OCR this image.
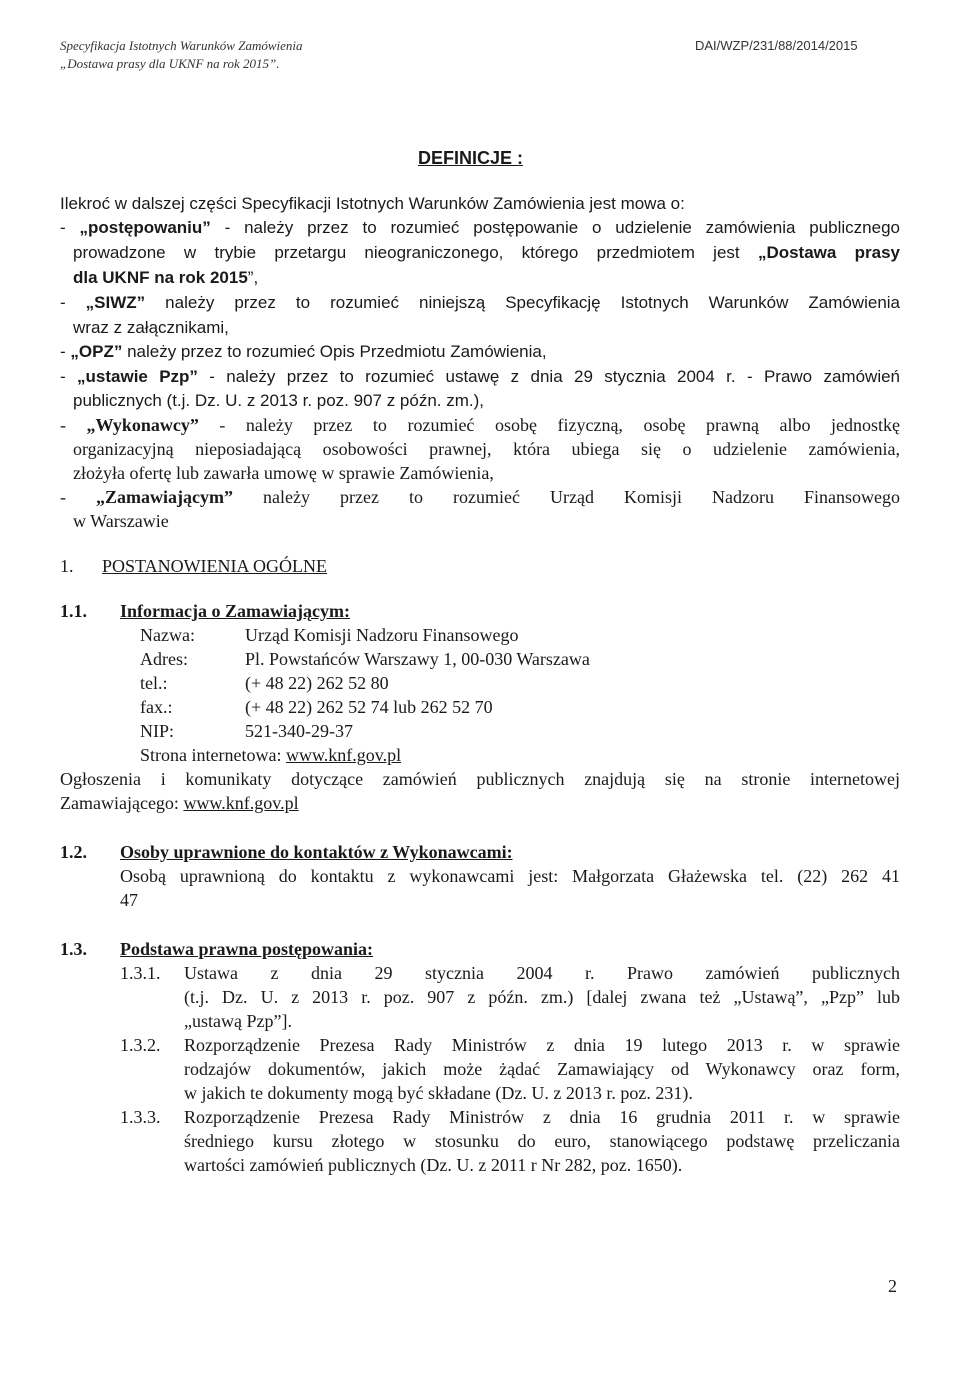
Specyfikacja Istotnych Warunków Zamówienia
„Dostawa prasy dla UKNF na rok 2015”.
DAI/WZP/231/88/2014/2015
DEFINICJE :
Ilekroć w dalszej części Specyfikacji Istotnych Warunków Zamówienia jest mowa o:
- „postępowaniu” - należy przez to rozumieć postępowanie o udzielenie zamówienia publicznego
prowadzone w trybie przetargu nieograniczonego, którego przedmiotem jest „Dostawa prasy
dla UKNF na rok 2015”,
- „SIWZ” należy przez to rozumieć niniejszą Specyfikację Istotnych Warunków Zamówienia
wraz z załącznikami,
- „OPZ” należy przez to rozumieć Opis Przedmiotu Zamówienia,
- „ustawie Pzp” - należy przez to rozumieć ustawę z dnia 29 stycznia 2004 r. - Prawo zamówień
publicznych (t.j. Dz. U. z 2013 r. poz. 907 z późn. zm.),
- „Wykonawcy” - należy przez to rozumieć osobę fizyczną, osobę prawną albo jednostkę
organizacyjną nieposiadającą osobowości prawnej, która ubiega się o udzielenie zamówienia,
złożyła ofertę lub zawarła umowę w sprawie Zamówienia,
- „Zamawiającym” należy przez to rozumieć Urząd Komisji Nadzoru Finansowego
w Warszawie
1. POSTANOWIENIA OGÓLNE
1.1. Informacja o Zamawiającym:
Nazwa:	Urząd Komisji Nadzoru Finansowego
Adres:	Pl. Powstańców Warszawy 1, 00-030 Warszawa
tel.:	(+ 48 22) 262 52 80
fax.:	(+ 48 22) 262 52 74 lub 262 52 70
NIP:	521-340-29-37
Strona internetowa: www.knf.gov.pl
Ogłoszenia i komunikaty dotyczące zamówień publicznych znajdują się na stronie internetowej
Zamawiającego: www.knf.gov.pl
1.2. Osoby uprawnione do kontaktów z Wykonawcami:
Osobą uprawnioną do kontaktu z wykonawcami jest: Małgorzata Głażewska tel. (22) 262 41
47
1.3. Podstawa prawna postępowania:
1.3.1. Ustawa z dnia 29 stycznia 2004 r. Prawo zamówień publicznych
(t.j. Dz. U. z 2013 r. poz. 907 z późn. zm.) [dalej zwana też „Ustawą”, „Pzp” lub
„ustawą Pzp”].
1.3.2. Rozporządzenie Prezesa Rady Ministrów z dnia 19 lutego 2013 r. w sprawie
rodzajów dokumentów, jakich może żądać Zamawiający od Wykonawcy oraz form,
w jakich te dokumenty mogą być składane (Dz. U. z 2013 r. poz. 231).
1.3.3. Rozporządzenie Prezesa Rady Ministrów z dnia 16 grudnia 2011 r. w sprawie
średniego kursu złotego w stosunku do euro, stanowiącego podstawę przeliczania
wartości zamówień publicznych (Dz. U. z 2011 r Nr 282, poz. 1650).
2
